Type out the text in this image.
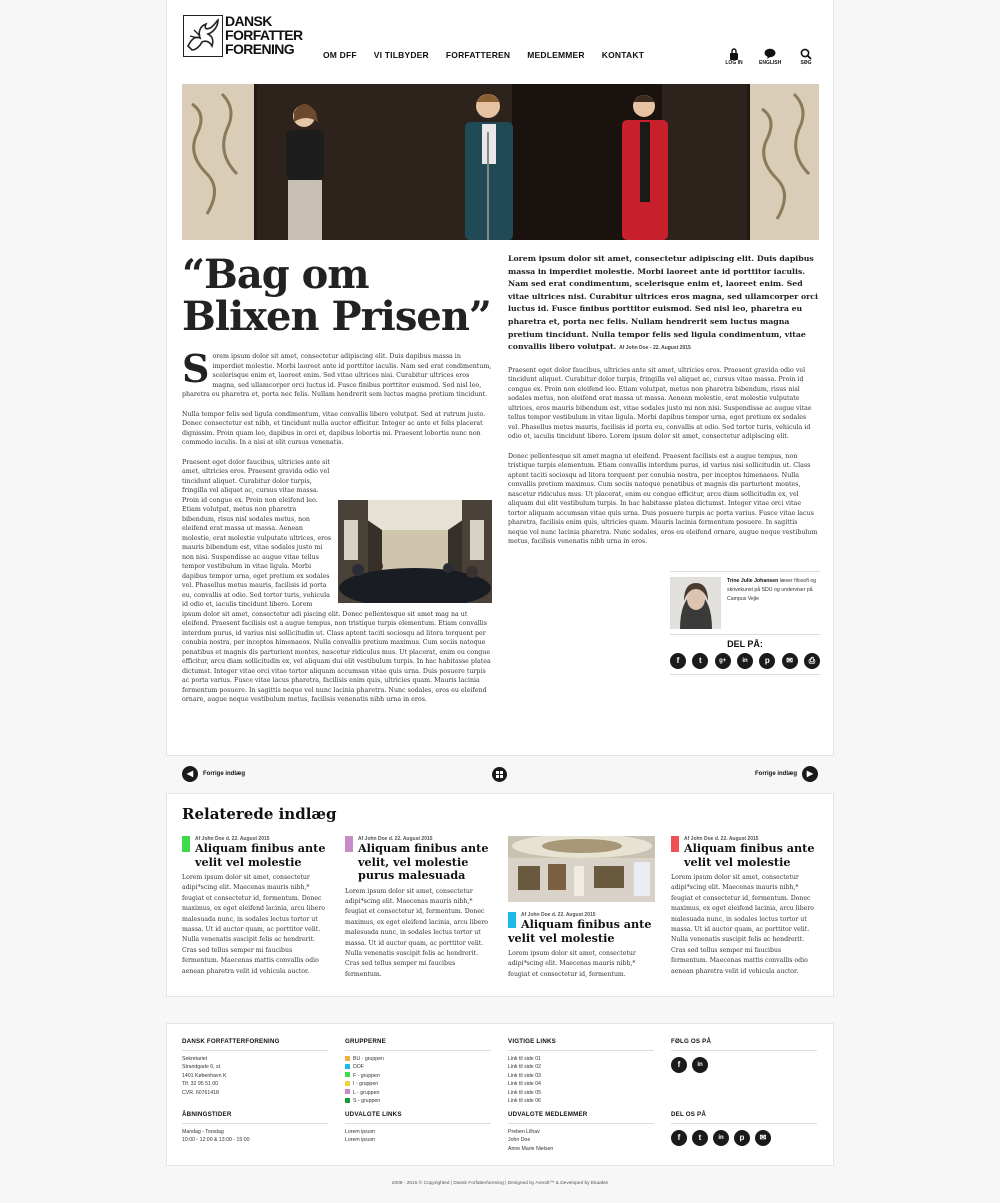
DANSK
FORFATTER
FORENING	OM DFF VI TILBYDER FORFATTEREN MEDLEMMER KONTAKT
LOG IN	ENGLISH	SØG
“Bag om
Blixen Prisen”

Sorem ipsum dolor sit amet, consectetur adipiscing elit. Duis dapibus massa in imperdiet molestie. Morbi laoreet ante id porttitor iaculis. Nam sed erat condimentum, scelerisque enim et, laoreet enim. Sed vitae ultrices nisi. Curabitur ultrices eros magna, sed ullamcorper orci luctus id. Fusce finibus porttitor euismod. Sed nisl leo, pharetra eu pharetra et, porta nec felis. Nullam hendrerit sem luctus magna pretium tincidunt.

Nulla tempor felis sed ligula condimentum, vitae convallis libero volutpat. Sed at rutrum justo. Donec consectetur est nibh, et tincidunt nulla auctor efficitur. Integer ac ante et felis placerat dignissim. Proin quam leo, dapibus in orci et, dapibus lobortis mi. Praesent lobortis nunc non commodo iaculis. In a nisi at elit cursus venenatis.

Praesent eget dolor faucibus, ultricies ante sit amet, ultricies eros. Praesent gravida odio vel tincidunt aliquet. Curabitur dolor turpis, fringilla vel aliquet ac, cursus vitae massa. Proin id congue ex. Proin non eleifend leo. Etiam volutpat, metus non pharetra bibendum, risus nisl sodales metus, non eleifend erat massa ut massa. Aenean molestie, erat molestie vulputate ultrices, eros mauris bibendum est, vitae sodales justo mi non nisi. Suspendisse ac augue vitae tellus tempor vestibulum in vitae ligula. Morbi dapibus tempor urna, eget pretium ex sodales vel. Phasellus metus mauris, facilisis id porta eu, convallis at odio. Sed tortor turis, vehicula id odio et, iaculis tincidunt libero. Lorem ipsum dolor sit amet, consectetur adi piscing elit. Donec pellentesque sit amet mag na ut eleifend. Praesent facilisis est a augue tempus, non tristique turpis elementum. Etiam convallis interdum purus, id varius nisi sollicitudin ut. Class aptent taciti sociosqu ad litora torquent per conubia nostra, per inceptos himenaeos. Nulla convallis pretium maximus. Cum sociis natoque penatibus et magnis dis parturient montes, nascetur ridiculus mus. Ut placerat, enim eu congue efficitur, arcu diam sollicitudin ex, vel aliquam dui elit vestibulum turpis. In hac habitasse platea dictumst. Integer vitae orci vitae tortor aliquam accumsan vitae quis urna. Duis posuere turpis ac porta varius. Fusce vitae lacus pharetra, facilisis enim quis, ultricies quam. Mauris lacinia fermentum posuere. In sagittis neque vel nunc lacinia pharetra. Nunc sodales, eros eu eleifend ornare, augue neque vestibulum metus, facilisis venenatis nibh urna in eros.

Lorem ipsum dolor sit amet, consectetur adipiscing elit. Duis dapibus massa in imperdiet molestie. Morbi laoreet ante id porttitor iaculis. Nam sed erat condimentum, scelerisque enim et, laoreet enim. Sed vitae ultrices nisi. Curabitur ultrices eros magna, sed ullamcorper orci luctus id. Fusce finibus porttitor euismod. Sed nisl leo, pharetra eu pharetra et, porta nec felis. Nullam hendrerit sem luctus magna pretium tincidunt. Nulla tempor felis sed ligula condimentum, vitae convallis libero volutpat. Af John Doe - 22. August 2015

Praesent eget dolor faucibus, ultricies ante sit amet, ultricies eros. Praesent gravida odio vel tincidunt aliquet. Curabitur dolor turpis, fringilla vel aliquet ac, cursus vitae massa. Proin id congue ex. Proin non eleifend leo. Etiam volutpat, metus non pharetra bibendum, risus nisl sodales metus, non eleifend erat massa ut massa. Aenean molestie, erat molestie vulputate ultrices, eros mauris bibendum est, vitae sodales justo mi non nisi. Suspendisse ac augue vitae tellus tempor vestibulum in vitae ligula. Morbi dapibus tempor urna, eget pretium ex sodales vel. Phasellus metus mauris, facilisis id porta eu, convallis at odio. Sed tortor turis, vehicula id odio et, iaculis tincidunt libero. Lorem ipsum dolor sit amet, consectetur adipiscing elit.

Donec pellentesque sit amet magna ut eleifend. Praesent facilisis est a augue tempus, non tristique turpis elementum. Etiam convallis interdum purus, id varius nisi sollicitudin ut. Class aptent taciti sociosqu ad litora torquent per conubia nostra, per inceptos himenaeos. Nulla convallis pretium maximus. Cum sociis natoque penatibus et magnis dis parturient montes, nascetur ridiculus mus. Ut placerat, enim eu congue efficitur, arcu diam sollicitudin ex, vel aliquam dui elit vestibulum turpis. In hac habitasse platea dictumst. Integer vitae orci vitae tortor aliquam accumsan vitae quis urna. Duis posuere turpis ac porta varius. Fusce vitae lacus pharetra, facilisis enim quis, ultricies quam. Mauris lacinia fermentum posuere. In sagittis neque vel nunc lacinia pharetra. Nunc sodales, eros eu eleifend ornare, augue neque vestibulum metus, facilisis venenatis nibh urna in eros.

Trine Julie Johansen læser filosofi og skrivekunst på SDU og underviser på Campus Vejle
DEL PÅ:
f	t	g+	in	p	✉	⎙
◀	Forrige indlæg	Forrige indlæg	▶
Relaterede indlæg
Af John Doe d. 22. August 2015
Aliquam finibus ante velit vel molestie
Lorem ipsum dolor sit amet, consectetur adipi*scing elit. Maecenas mauris nibh,* feugiat et consectetur id, fermentum. Donec maximus, ex eget eleifend lacinia, arcu libero malesuada nunc, in sodales lectus tortor ut massa. Ut id auctor quam, ac porttitor velit. Nulla venenatis suscipit felis ac hendrerit. Cras sed tellus semper mi faucibus fermentum. Maecenas mattis convallis odio aenean pharetra velit id vehicula auctor.
Af John Doe d. 22. August 2015
Aliquam finibus ante velit, vel molestie purus malesuada
Lorem ipsum dolor sit amet, consectetur adipi*scing elit. Maecenas mauris nibh,* feugiat et consectetur id, fermentum. Donec maximus, ex eget eleifend lacinia, arcu libero malesuada nunc, in sodales lectus tortor ut massa. Ut id auctor quam, ac porttitor velit. Nulla venenatis suscipit felis ac hendrerit. Cras sed tellus semper mi faucibus fermentum.
Af John Doe d. 22. August 2015
Aliquam finibus ante velit vel molestie
Lorem ipsum dolor sit amet, consectetur adipi*scing elit. Maecenas mauris nibh,* feugiat et consectetur id, fermentum.
Af John Doe d. 22. August 2015
Aliquam finibus ante velit vel molestie
Lorem ipsum dolor sit amet, consectetur adipi*scing elit. Maecenas mauris nibh,* feugiat et consectetur id, fermentum. Donec maximus, ex eget eleifend lacinia, arcu libero malesuada nunc, in sodales lectus tortor ut massa. Ut id auctor quam, ac porttitor velit. Nulla venenatis suscipit felis ac hendrerit. Cras sed tellus semper mi faucibus fermentum. Maecenas mattis convallis odio aenean pharetra velit id vehicula auctor.
DANSK FORFATTERFORENING
Sekretariet
Strandgade 6, st.
1401 København K
Tlf. 32 95 51 00
CVR. 60761418
ÅBNINGSTIDER
Mandag - Torsdag
10:00 - 12:00 & 13:00 - 15:00
GRUPPERNE
BU - gruppen
DOF
F - gruppen
I - gruppen
L - gruppen
S - gruppen
UDVALGTE LINKS
Lorem ipsum
Lorem ipsum
VIGTIGE LINKS
Link til side 01
Link til side 02
Link til side 03
Link til side 04
Link til side 05
Link til side 06
UDVALGTE MEDLEMMER
Preben Lilhav
John Doe
Anne Marie Nielsen
FØLG OS PÅ
f	in
DEL OS PÅ
f	t	in	p	✉
2008 - 2015 © Copyrighted | Dansk Forfatterforening | Designed by Arendt™ & Developed by Ekaakte
